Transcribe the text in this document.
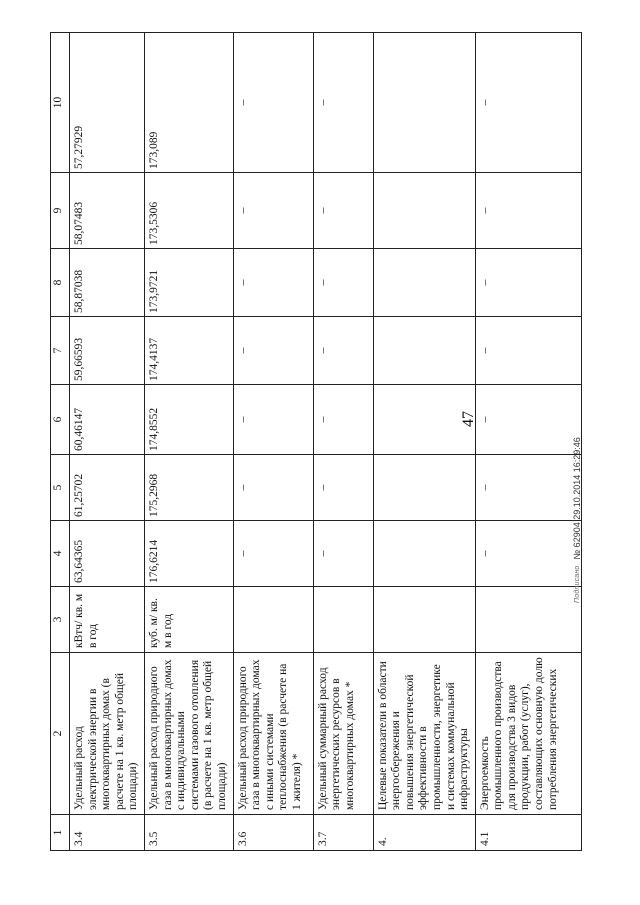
47
1	2	3	4	5	6	7	8	9	10
3.4	Удельный расход электрической энергии в многоквартирных домах (в расчете на 1 кв. метр общей площади)	кВтч/ кв. м в год	63,64365	61,25702	60,46147	59,66593	58,87038	58,07483	57,27929
3.5	Удельный расход природного газа в многоквартирных домах с индивидуальными системами газового отопления (в расчете на 1 кв. метр общей площади)	куб. м/ кв. м в год	176,6214	175,2968	174,8552	174,4137	173,9721	173,5306	173,089
3.6	Удельный расход природного газа в многоквартирных домах с иными системами теплоснабжения (в расчете на 1 жителя) *		–	–	–	–	–	–	–
3.7	Удельный суммарный расход энергетических ресурсов в многоквартирных домах *		–	–	–	–	–	–	–
4.	Целевые показатели в области энергосбережения и повышения энергетической эффективности в промышленности, энергетике и системах коммунальной инфраструктуры								
4.1	Энергоемкость промышленного производства для производства 3 видов продукции, работ (услуг), составляющих основную долю потребления энергетических		–	–	–	–	–	–	–
Подписано
№ 62904 29.10.2014 16:29:46
